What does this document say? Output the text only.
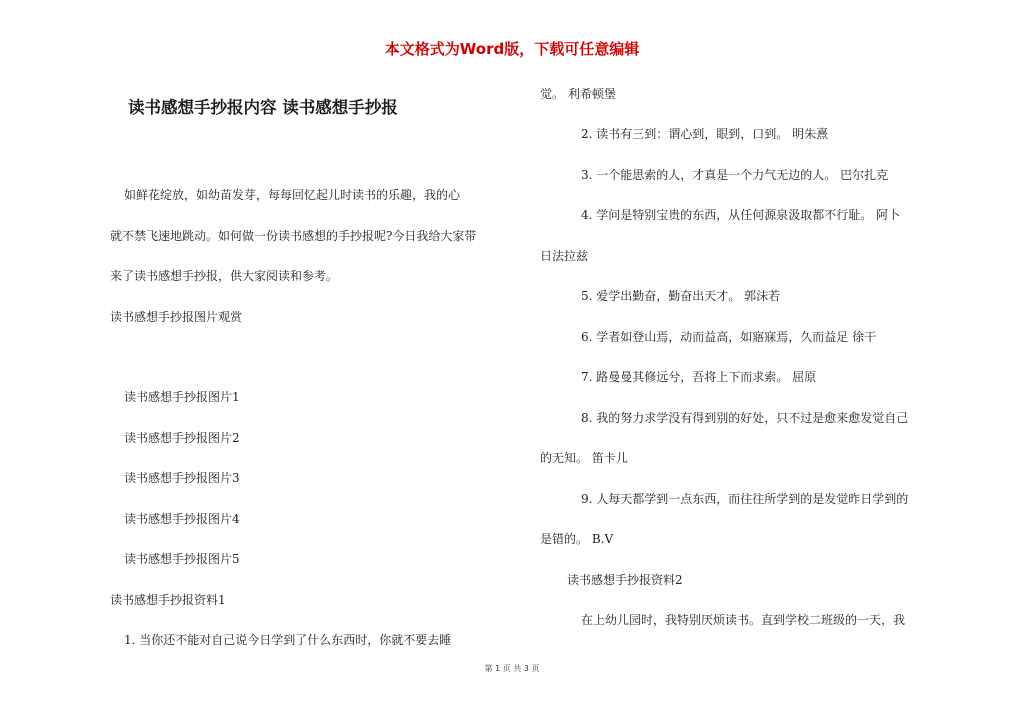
本文格式为Word版，下载可任意编辑
读书感想手抄报内容 读书感想手抄报
如鲜花绽放，如幼苗发芽，每每回忆起儿时读书的乐趣，我的心
就不禁飞速地跳动。如何做一份读书感想的手抄报呢?今日我给大家带
来了读书感想手抄报，供大家阅读和参考。
读书感想手抄报图片观赏
读书感想手抄报图片1
读书感想手抄报图片2
读书感想手抄报图片3
读书感想手抄报图片4
读书感想手抄报图片5
读书感想手抄报资料1
1. 当你还不能对自己说今日学到了什么东西时，你就不要去睡
觉。 利希顿堡
2. 读书有三到：谓心到，眼到，口到。 明朱熹
3. 一个能思索的人，才真是一个力气无边的人。 巴尔扎克
4. 学问是特别宝贵的东西，从任何源泉汲取都不行耻。 阿卜
日法拉兹
5. 爱学出勤奋，勤奋出天才。 郭沫若
6. 学者如登山焉，动而益高，如寤寐焉，久而益足 徐干
7. 路曼曼其修远兮，吾将上下而求索。 屈原
8. 我的努力求学没有得到别的好处，只不过是愈来愈发觉自己
的无知。 笛卡儿
9. 人每天都学到一点东西，而往往所学到的是发觉昨日学到的
是错的。 B.V
读书感想手抄报资料2
在上幼儿园时，我特别厌烦读书。直到学校二班级的一天，我
第 1 页 共 3 页
